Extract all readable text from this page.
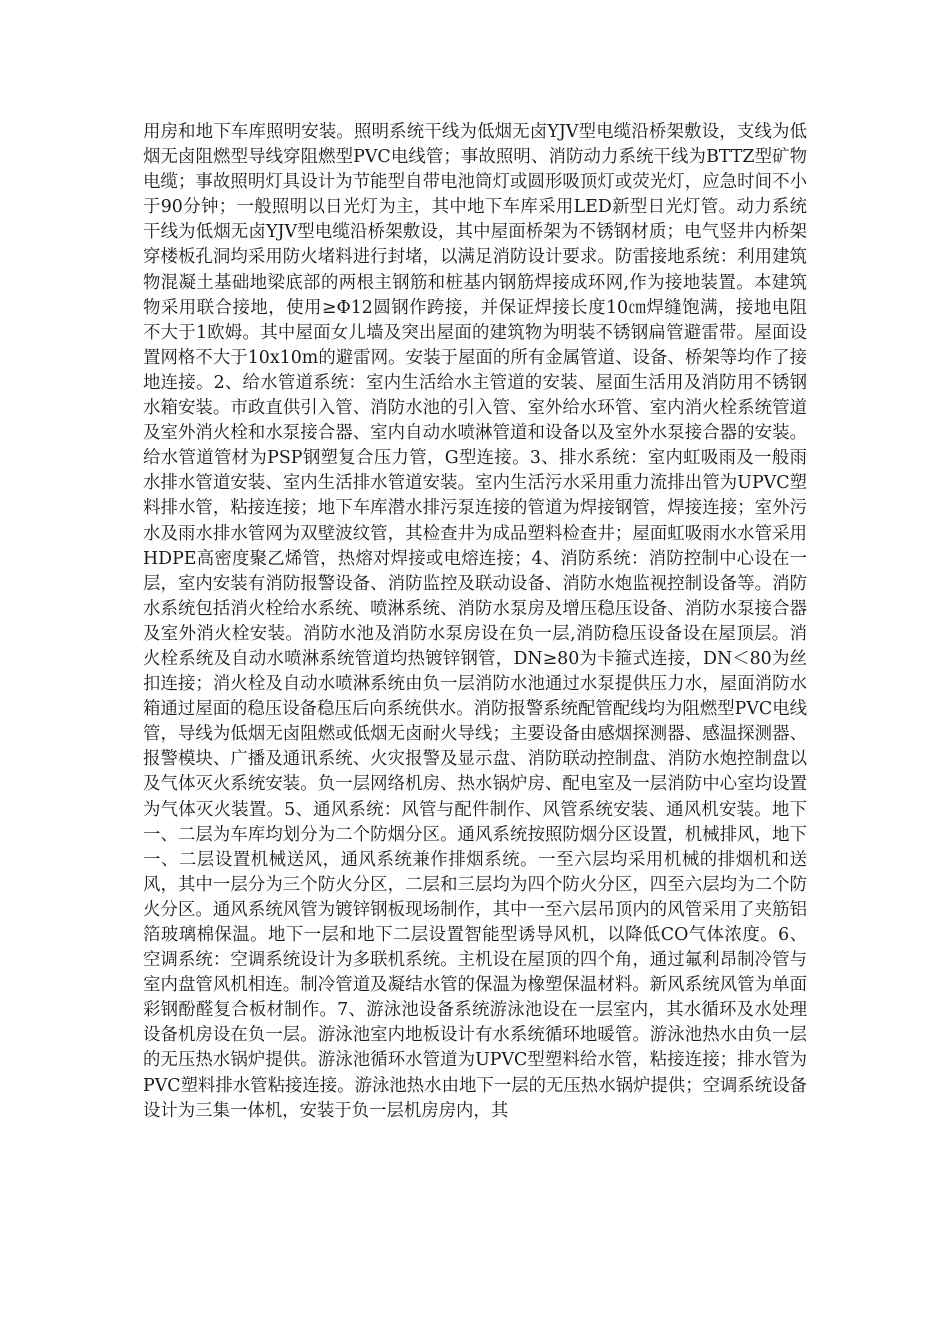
用房和地下车库照明安装。照明系统干线为低烟无卤YJV型电缆沿桥架敷设，支线为低烟无卤阻燃型导线穿阻燃型PVC电线管；事故照明、消防动力系统干线为BTTZ型矿物电缆；事故照明灯具设计为节能型自带电池筒灯或圆形吸顶灯或荧光灯，应急时间不小于90分钟；一般照明以日光灯为主，其中地下车库采用LED新型日光灯管。动力系统干线为低烟无卤YJV型电缆沿桥架敷设，其中屋面桥架为不锈钢材质；电气竖井内桥架穿楼板孔洞均采用防火堵料进行封堵，以满足消防设计要求。防雷接地系统：利用建筑物混凝土基础地梁底部的两根主钢筋和桩基内钢筋焊接成环网,作为接地装置。本建筑物采用联合接地，使用≥Φ12圆钢作跨接，并保证焊接长度10㎝焊缝饱满，接地电阻不大于1欧姆。其中屋面女儿墙及突出屋面的建筑物为明装不锈钢扁管避雷带。屋面设置网格不大于10x10m的避雷网。安装于屋面的所有金属管道、设备、桥架等均作了接地连接。2、给水管道系统：室内生活给水主管道的安装、屋面生活用及消防用不锈钢水箱安装。市政直供引入管、消防水池的引入管、室外给水环管、室内消火栓系统管道及室外消火栓和水泵接合器、室内自动水喷淋管道和设备以及室外水泵接合器的安装。给水管道管材为PSP钢塑复合压力管，G型连接。3、排水系统：室内虹吸雨及一般雨水排水管道安装、室内生活排水管道安装。室内生活污水采用重力流排出管为UPVC塑料排水管，粘接连接；地下车库潜水排污泵连接的管道为焊接钢管，焊接连接；室外污水及雨水排水管网为双壁波纹管，其检查井为成品塑料检查井；屋面虹吸雨水水管采用HDPE高密度聚乙烯管，热熔对焊接或电熔连接；4、消防系统：消防控制中心设在一层，室内安装有消防报警设备、消防监控及联动设备、消防水炮监视控制设备等。消防水系统包括消火栓给水系统、喷淋系统、消防水泵房及增压稳压设备、消防水泵接合器及室外消火栓安装。消防水池及消防水泵房设在负一层,消防稳压设备设在屋顶层。消火栓系统及自动水喷淋系统管道均热镀锌钢管，DN≥80为卡箍式连接，DN＜80为丝扣连接；消火栓及自动水喷淋系统由负一层消防水池通过水泵提供压力水，屋面消防水箱通过屋面的稳压设备稳压后向系统供水。消防报警系统配管配线均为阻燃型PVC电线管，导线为低烟无卤阻燃或低烟无卤耐火导线；主要设备由感烟探测器、感温探测器、报警模块、广播及通讯系统、火灾报警及显示盘、消防联动控制盘、消防水炮控制盘以及气体灭火系统安装。负一层网络机房、热水锅炉房、配电室及一层消防中心室均设置为气体灭火装置。5、通风系统：风管与配件制作、风管系统安装、通风机安装。地下一、二层为车库均划分为二个防烟分区。通风系统按照防烟分区设置，机械排风，地下一、二层设置机械送风，通风系统兼作排烟系统。一至六层均采用机械的排烟机和送风，其中一层分为三个防火分区，二层和三层均为四个防火分区，四至六层均为二个防火分区。通风系统风管为镀锌钢板现场制作，其中一至六层吊顶内的风管采用了夹筋铝箔玻璃棉保温。地下一层和地下二层设置智能型诱导风机，以降低CO气体浓度。6、空调系统：空调系统设计为多联机系统。主机设在屋顶的四个角，通过氟利昂制冷管与室内盘管风机相连。制冷管道及凝结水管的保温为橡塑保温材料。新风系统风管为单面彩钢酚醛复合板材制作。7、游泳池设备系统游泳池设在一层室内，其水循环及水处理设备机房设在负一层。游泳池室内地板设计有水系统循环地暖管。游泳池热水由负一层的无压热水锅炉提供。游泳池循环水管道为UPVC型塑料给水管，粘接连接；排水管为PVC塑料排水管粘接连接。游泳池热水由地下一层的无压热水锅炉提供；空调系统设备设计为三集一体机，安装于负一层机房房内，其
